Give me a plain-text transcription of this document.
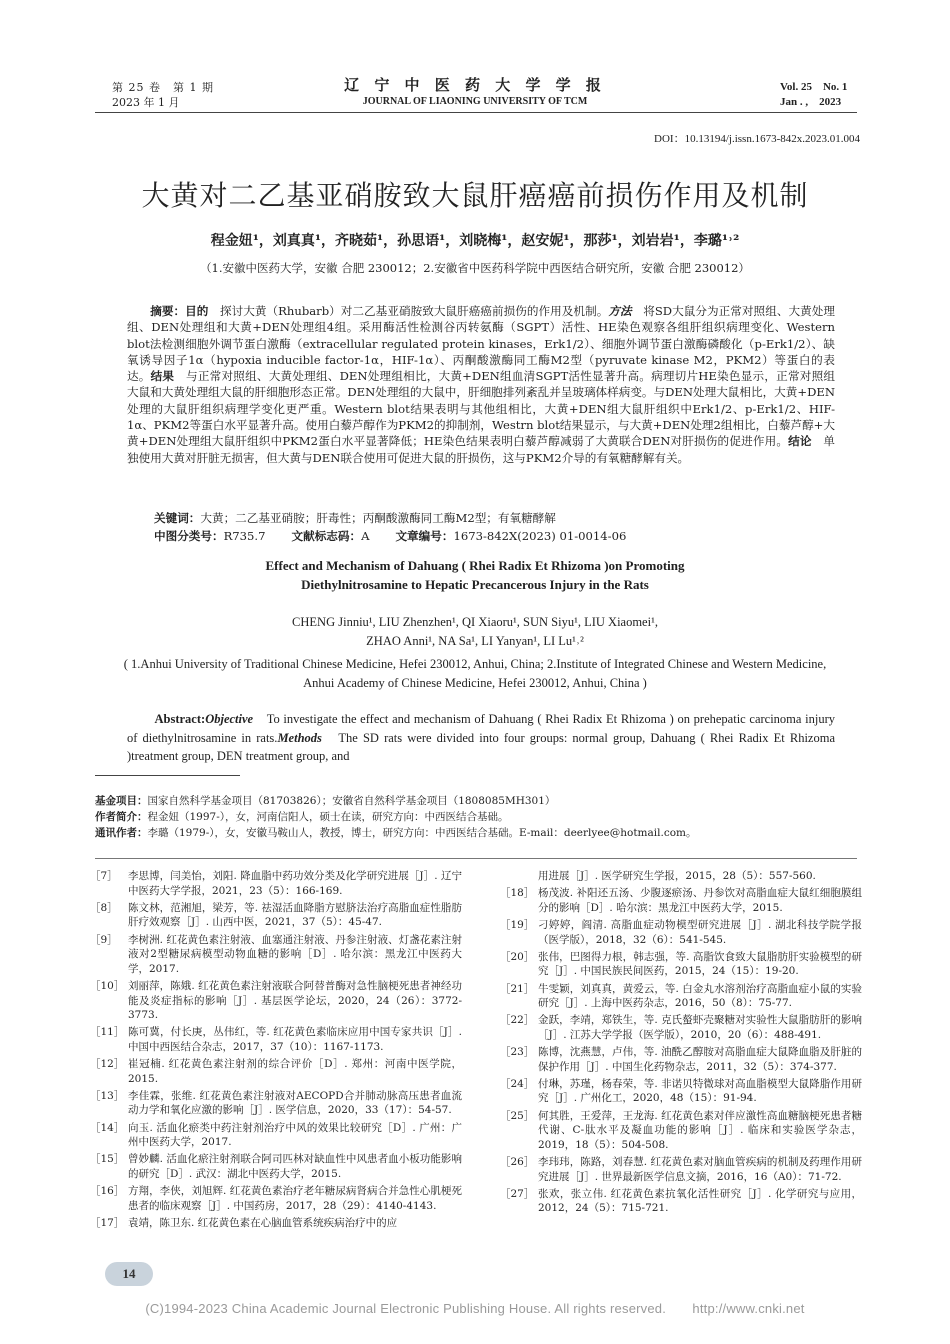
第 25 卷　第 1 期
2023 年 1 月
辽 宁 中 医 药 大 学 学 报
JOURNAL OF LIAONING UNIVERSITY OF TCM
Vol. 25　No. 1
Jan . ,　2023
DOI：10.13194/j.issn.1673-842x.2023.01.004
大黄对二乙基亚硝胺致大鼠肝癌癌前损伤作用及机制
程金妞¹，刘真真¹，齐晓茹¹，孙思语¹，刘晓梅¹，赵安妮¹，那莎¹，刘岩岩¹，李璐¹˒²
（1.安徽中医药大学，安徽 合肥 230012；2.安徽省中医药科学院中西医结合研究所，安徽 合肥 230012）
摘要：目的　探讨大黄（Rhubarb）对二乙基亚硝胺致大鼠肝癌癌前损伤的作用及机制。方法　将SD大鼠分为正常对照组、大黄处理组、DEN处理组和大黄+DEN处理组4组。采用酶活性检测谷丙转氨酶（SGPT）活性、HE染色观察各组肝组织病理变化、Western blot法检测细胞外调节蛋白激酶（extracellular regulated protein kinases，Erk1/2）、细胞外调节蛋白激酶磷酸化（p-Erk1/2）、缺氧诱导因子1α（hypoxia inducible factor-1α，HIF-1α）、丙酮酸激酶同工酶M2型（pyruvate kinase M2，PKM2）等蛋白的表达。结果　与正常对照组、大黄处理组、DEN处理组相比，大黄+DEN组血清SGPT活性显著升高。病理切片HE染色显示，正常对照组大鼠和大黄处理组大鼠的肝细胞形态正常。DEN处理组的大鼠中，肝细胞排列紊乱并呈玻璃体样病变。与DEN处理大鼠相比，大黄+DEN处理的大鼠肝组织病理学变化更严重。Western blot结果表明与其他组相比，大黄+DEN组大鼠肝组织中Erk1/2、p-Erk1/2、HIF-1α、PKM2等蛋白水平显著升高。使用白藜芦醇作为PKM2的抑制剂，Westrn blot结果显示，与大黄+DEN处理2组相比，白藜芦醇+大黄+DEN处理组大鼠肝组织中PKM2蛋白水平显著降低；HE染色结果表明白藜芦醇减弱了大黄联合DEN对肝损伤的促进作用。结论　单独使用大黄对肝脏无损害，但大黄与DEN联合使用可促进大鼠的肝损伤，这与PKM2介导的有氧糖酵解有关。
关键词：大黄；二乙基亚硝胺；肝毒性；丙酮酸激酶同工酶M2型；有氧糖酵解
中图分类号：R735.7 文献标志码：A 文章编号：1673-842X(2023) 01-0014-06
Effect and Mechanism of Dahuang ( Rhei Radix Et Rhizoma )on Promoting
Diethylnitrosamine to Hepatic Precancerous Injury in the Rats
CHENG Jinniu¹, LIU Zhenzhen¹, QI Xiaoru¹, SUN Siyu¹, LIU Xiaomei¹,
ZHAO Anni¹, NA Sa¹, LI Yanyan¹, LI Lu¹˒²
( 1.Anhui University of Traditional Chinese Medicine, Hefei 230012, Anhui, China; 2.Institute of Integrated Chinese and Western Medicine, Anhui Academy of Chinese Medicine, Hefei 230012, Anhui, China )
Abstract:Objective　To investigate the effect and mechanism of Dahuang ( Rhei Radix Et Rhizoma ) on prehepatic carcinoma injury of diethylnitrosamine in rats.Methods　The SD rats were divided into four groups: normal group, Dahuang ( Rhei Radix Et Rhizoma )treatment group, DEN treatment group, and
基金项目：国家自然科学基金项目（81703826）；安徽省自然科学基金项目（1808085MH301）
作者简介：程金妞（1997-），女，河南信阳人，硕士在读，研究方向：中西医结合基础。
通讯作者：李璐（1979-），女，安徽马鞍山人，教授，博士，研究方向：中西医结合基础。E-mail：deerlyee@hotmail.com。
［7］ 李思博，闫美怡，刘阳. 降血脂中药功效分类及化学研究进展［J］. 辽宁中医药大学学报，2021，23（5）：166-169.
［8］ 陈文林，范湘旭，梁芳，等. 祛湿活血降脂方慰脐法治疗高脂血症性脂肪肝疗效观察［J］. 山西中医，2021，37（5）：45-47.
［9］ 李树洲. 红花黄色素注射液、血塞通注射液、丹参注射液、灯盏花素注射液对2型糖尿病模型动物血糖的影响［D］. 哈尔滨：黑龙江中医药大学，2017.
［10］ 刘丽萍，陈娥. 红花黄色素注射液联合阿替普酶对急性脑梗死患者神经功能及炎症指标的影响［J］. 基层医学论坛，2020，24（26）：3772-3773.
［11］ 陈可冀，付长庚，丛伟红，等. 红花黄色素临床应用中国专家共识［J］. 中国中西医结合杂志，2017，37（10）：1167-1173.
［12］ 崔冠楠. 红花黄色素注射剂的综合评价［D］. 郑州：河南中医学院，2015.
［13］ 李佳霖，张维. 红花黄色素注射液对AECOPD合并肺动脉高压患者血流动力学和氧化应激的影响［J］. 医学信息，2020，33（17）：54-57.
［14］ 向玉. 活血化瘀类中药注射剂治疗中风的效果比较研究［D］. 广州：广州中医药大学，2017.
［15］ 曾妙麟. 活血化瘀注射剂联合阿司匹林对缺血性中风患者血小板功能影响的研究［D］. 武汉：湖北中医药大学，2015.
［16］ 方翔，李侠，刘旭辉. 红花黄色素治疗老年糖尿病肾病合并急性心肌梗死患者的临床观察［J］. 中国药房，2017，28（29）：4140-4143.
［17］ 袁靖，陈卫东. 红花黄色素在心脑血管系统疾病治疗中的应
用进展［J］. 医学研究生学报，2015，28（5）：557-560.
［18］ 杨茂波. 补阳还五汤、少腹逐瘀汤、丹参饮对高脂血症大鼠红细胞膜组分的影响［D］. 哈尔滨：黑龙江中医药大学，2015.
［19］ 刁婷婷，阎清. 高脂血症动物模型研究进展［J］. 湖北科技学院学报（医学版），2018，32（6）：541-545.
［20］ 张伟，巴图得力根，韩志强，等. 高脂饮食致大鼠脂肪肝实验模型的研究［J］. 中国民族民间医药，2015，24（15）：19-20.
［21］ 牛雯颖，刘真真，黄爱云，等. 白金丸水溶剂治疗高脂血症小鼠的实验研究［J］. 上海中医药杂志，2016，50（8）：75-77.
［22］ 金跃，李靖，郑铁生，等. 克氏螯虾壳聚糖对实验性大鼠脂肪肝的影响［J］. 江苏大学学报（医学版），2010，20（6）：488-491.
［23］ 陈博，沈燕慧，卢伟，等. 油酰乙醇胺对高脂血症大鼠降血脂及肝脏的保护作用［J］. 中国生化药物杂志，2011，32（5）：374-377.
［24］ 付琳，苏瑾，杨春荣，等. 非诺贝特微球对高血脂模型大鼠降脂作用研究［J］. 广州化工，2020，48（15）：91-94.
［25］ 何其胜，王爱萍，王龙海. 红花黄色素对伴应激性高血糖脑梗死患者糖代谢、C-肽水平及凝血功能的影响［J］. 临床和实验医学杂志，2019，18（5）：504-508.
［26］ 李玮玮，陈路，刘春慧. 红花黄色素对脑血管疾病的机制及药理作用研究进展［J］. 世界最新医学信息文摘，2016，16（A0）：71-72.
［27］ 张欢，张立伟. 红花黄色素抗氧化活性研究［J］. 化学研究与应用，2012，24（5）：715-721.
14
(C)1994-2023 China Academic Journal Electronic Publishing House. All rights reserved.　　http://www.cnki.net
